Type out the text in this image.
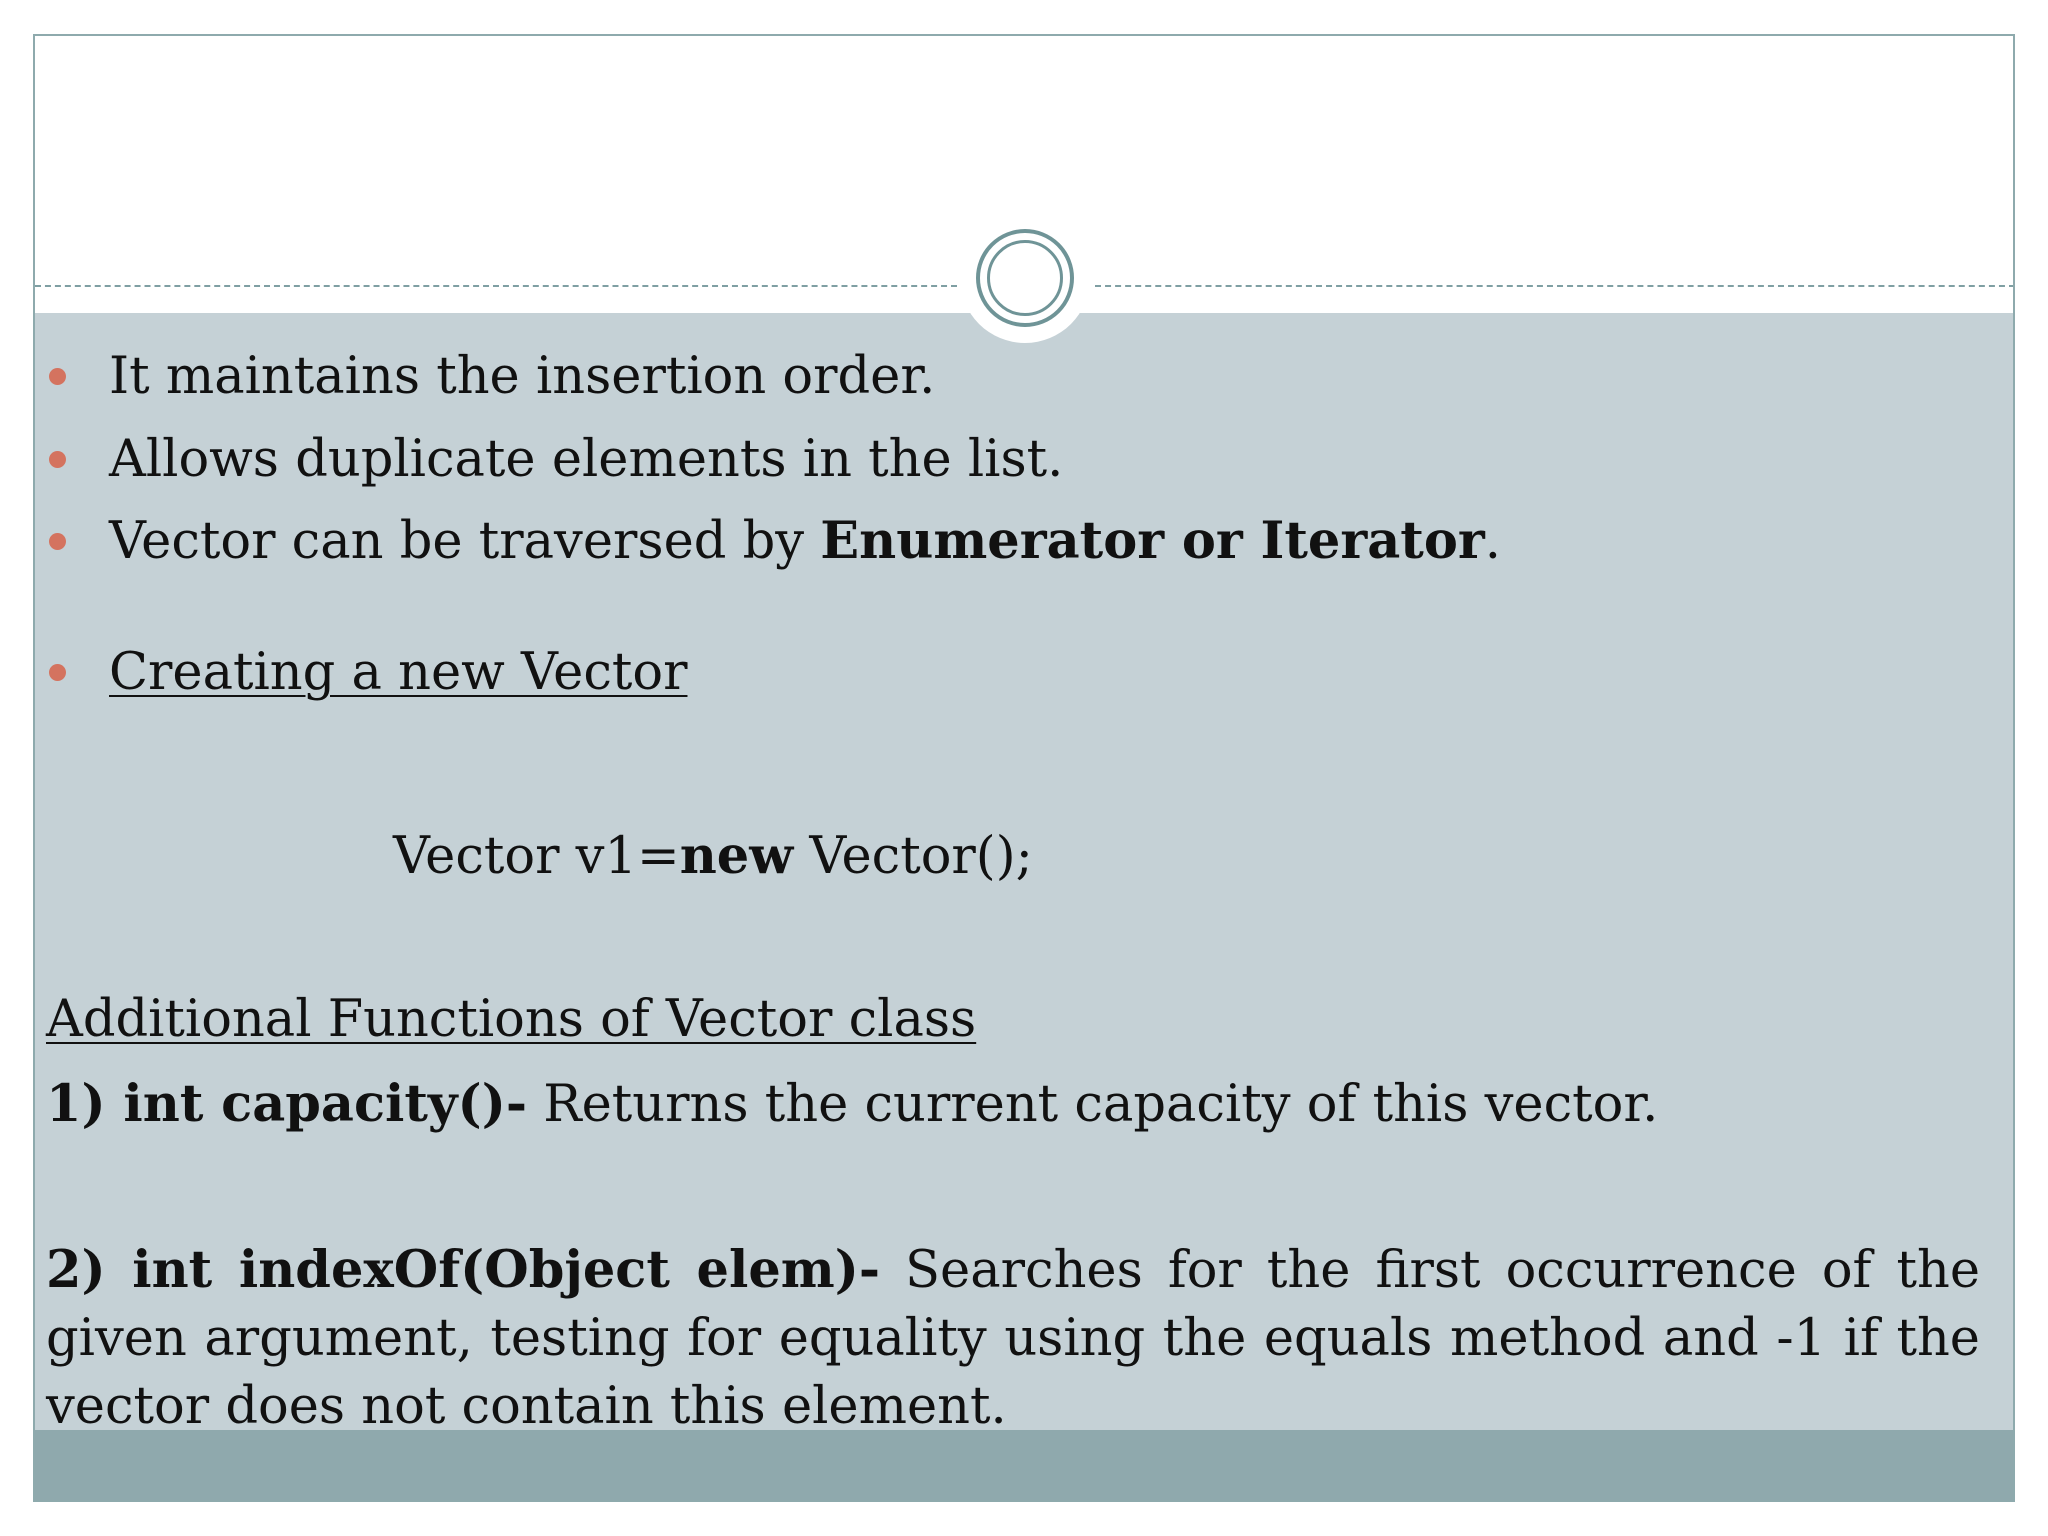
It maintains the insertion order.
Allows duplicate elements in the list.
Vector can be traversed by Enumerator or Iterator.
Creating a new Vector
Vector v1=new Vector();
Additional Functions of Vector class
1) int capacity()- Returns the current capacity of this vector.
2) int indexOf(Object elem)- Searches for the first occurrence of the given argument, testing for equality using the equals method and -1 if the vector does not contain this element.
